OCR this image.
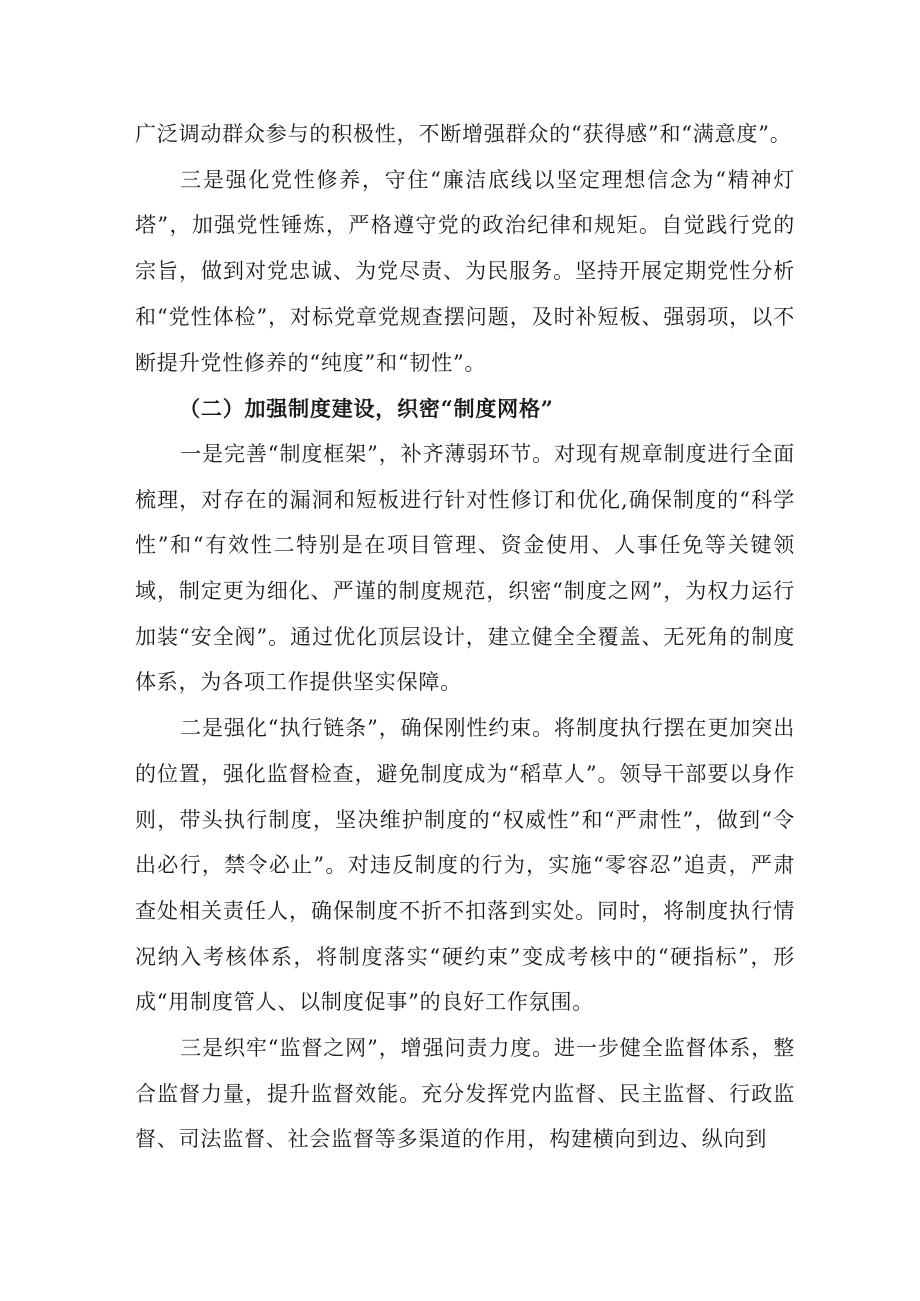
广泛调动群众参与的积极性，不断增强群众的“获得感”和“满意度”。

三是强化党性修养，守住“廉洁底线以坚定理想信念为“精神灯塔”，加强党性锤炼，严格遵守党的政治纪律和规矩。自觉践行党的宗旨，做到对党忠诚、为党尽责、为民服务。坚持开展定期党性分析和“党性体检”，对标党章党规查摆问题，及时补短板、强弱项，以不断提升党性修养的“纯度”和“韧性”。

（二）加强制度建设，织密“制度网格”

一是完善“制度框架”，补齐薄弱环节。对现有规章制度进行全面梳理，对存在的漏洞和短板进行针对性修订和优化,确保制度的“科学性”和“有效性二特别是在项目管理、资金使用、人事任免等关键领域，制定更为细化、严谨的制度规范，织密“制度之网”，为权力运行加装“安全阀”。通过优化顶层设计，建立健全全覆盖、无死角的制度体系，为各项工作提供坚实保障。

二是强化“执行链条”，确保刚性约束。将制度执行摆在更加突出的位置，强化监督检查，避免制度成为“稻草人”。领导干部要以身作则，带头执行制度，坚决维护制度的“权威性”和“严肃性”，做到“令出必行，禁令必止”。对违反制度的行为，实施“零容忍”追责，严肃查处相关责任人，确保制度不折不扣落到实处。同时，将制度执行情况纳入考核体系，将制度落实“硬约束”变成考核中的“硬指标”，形成“用制度管人、以制度促事”的良好工作氛围。

三是织牢“监督之网”，增强问责力度。进一步健全监督体系，整合监督力量，提升监督效能。充分发挥党内监督、民主监督、行政监督、司法监督、社会监督等多渠道的作用，构建横向到边、纵向到
